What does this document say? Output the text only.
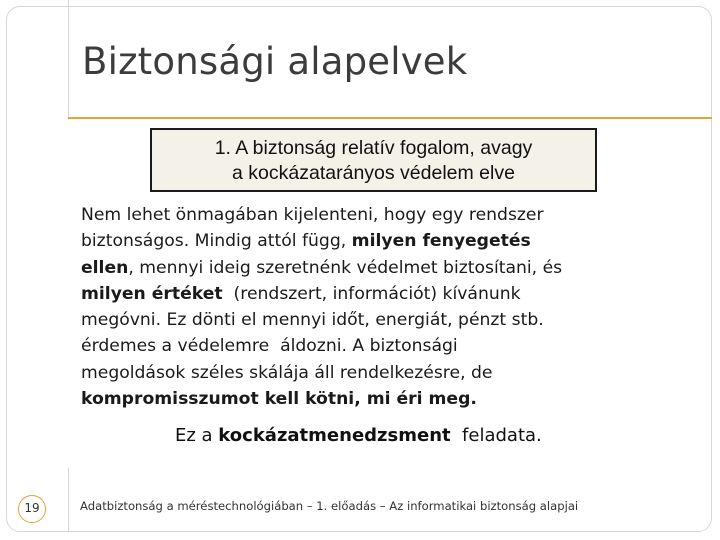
Biztonsági alapelvek
1. A biztonság relatív fogalom, avagy
a kockázatarányos védelem elve
Nem lehet önmagában kijelenteni, hogy egy rendszer
biztonságos. Mindig attól függ, milyen fenyegetés
ellen, mennyi ideig szeretnénk védelmet biztosítani, és
milyen értéket  (rendszert, információt) kívánunk
megóvni. Ez dönti el mennyi időt, energiát, pénzt stb.
érdemes a védelemre  áldozni. A biztonsági
megoldások széles skálája áll rendelkezésre, de
kompromisszumot kell kötni, mi éri meg.
Ez a kockázatmenedzsment  feladata.
19	Adatbiztonság a méréstechnológiában – 1. előadás – Az informatikai biztonság alapjai
